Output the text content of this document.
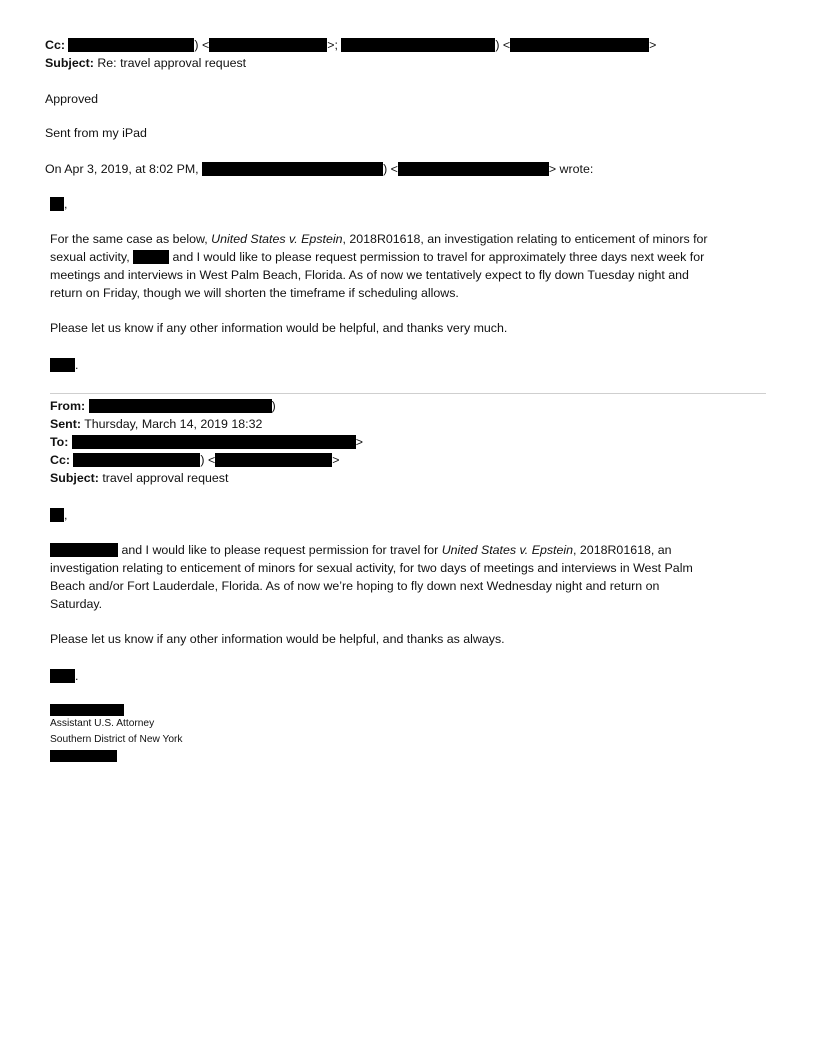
Cc:	) <	>;	) <	>
Subject: Re: travel approval request
Approved
Sent from my iPad
On Apr 3, 2019, at 8:02 PM,	) <	> wrote:
,
For the same case as below, United States v. Epstein, 2018R01618, an investigation relating to enticement of minors for
sexual activity,	and I would like to please request permission to travel for approximately three days next week for
meetings and interviews in West Palm Beach, Florida. As of now we tentatively expect to fly down Tuesday night and
return on Friday, though we will shorten the timeframe if scheduling allows.
Please let us know if any other information would be helpful, and thanks very much.
.
From:	)
Sent: Thursday, March 14, 2019 18:32
To:	>
Cc:	) <	>
Subject: travel approval request
,
and I would like to please request permission for travel for United States v. Epstein, 2018R01618, an
investigation relating to enticement of minors for sexual activity, for two days of meetings and interviews in West Palm
Beach and/or Fort Lauderdale, Florida. As of now we’re hoping to fly down next Wednesday night and return on
Saturday.
Please let us know if any other information would be helpful, and thanks as always.
.
Assistant U.S. Attorney
Southern District of New York
